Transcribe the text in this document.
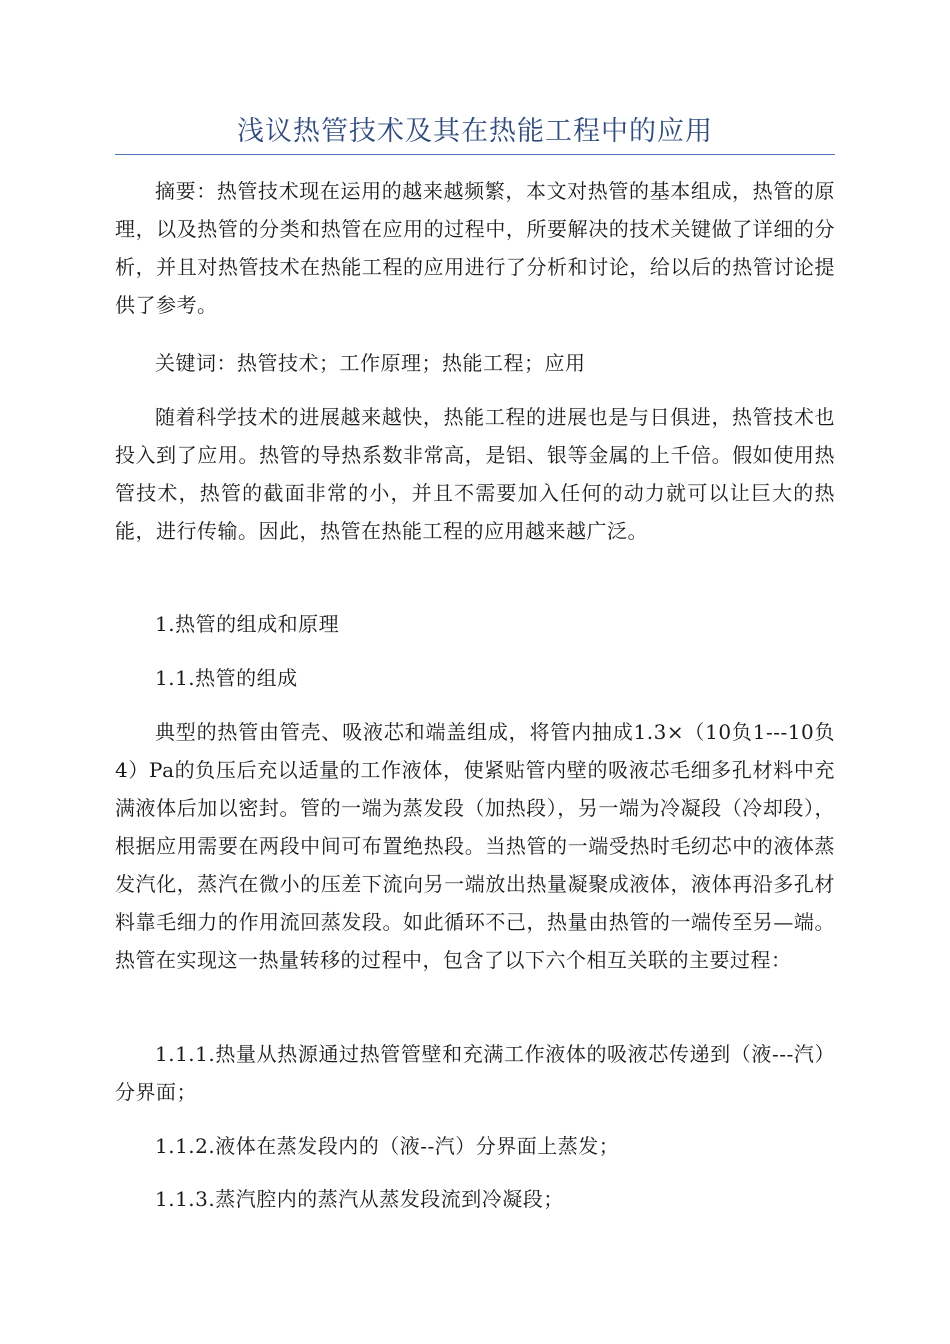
浅议热管技术及其在热能工程中的应用

摘要：热管技术现在运用的越来越频繁，本文对热管的基本组成，热管的原理，以及热管的分类和热管在应用的过程中，所要解决的技术关键做了详细的分析，并且对热管技术在热能工程的应用进行了分析和讨论，给以后的热管讨论提供了参考。

关键词：热管技术；工作原理；热能工程；应用

随着科学技术的进展越来越快，热能工程的进展也是与日俱进，热管技术也投入到了应用。热管的导热系数非常高，是铝、银等金属的上千倍。假如使用热管技术，热管的截面非常的小，并且不需要加入任何的动力就可以让巨大的热能，进行传输。因此，热管在热能工程的应用越来越广泛。

1.热管的组成和原理

1.1.热管的组成

典型的热管由管壳、吸液芯和端盖组成，将管内抽成1.3×（10负1---10负4）Pa的负压后充以适量的工作液体，使紧贴管内壁的吸液芯毛细多孔材料中充满液体后加以密封。管的一端为蒸发段（加热段），另一端为冷凝段（冷却段），根据应用需要在两段中间可布置绝热段。当热管的一端受热时毛纫芯中的液体蒸发汽化，蒸汽在微小的压差下流向另一端放出热量凝聚成液体，液体再沿多孔材料靠毛细力的作用流回蒸发段。如此循环不己，热量由热管的一端传至另—端。热管在实现这一热量转移的过程中，包含了以下六个相互关联的主要过程：

1.1.1.热量从热源通过热管管壁和充满工作液体的吸液芯传递到（液---汽）分界面；

1.1.2.液体在蒸发段内的（液--汽）分界面上蒸发；

1.1.3.蒸汽腔内的蒸汽从蒸发段流到冷凝段；
